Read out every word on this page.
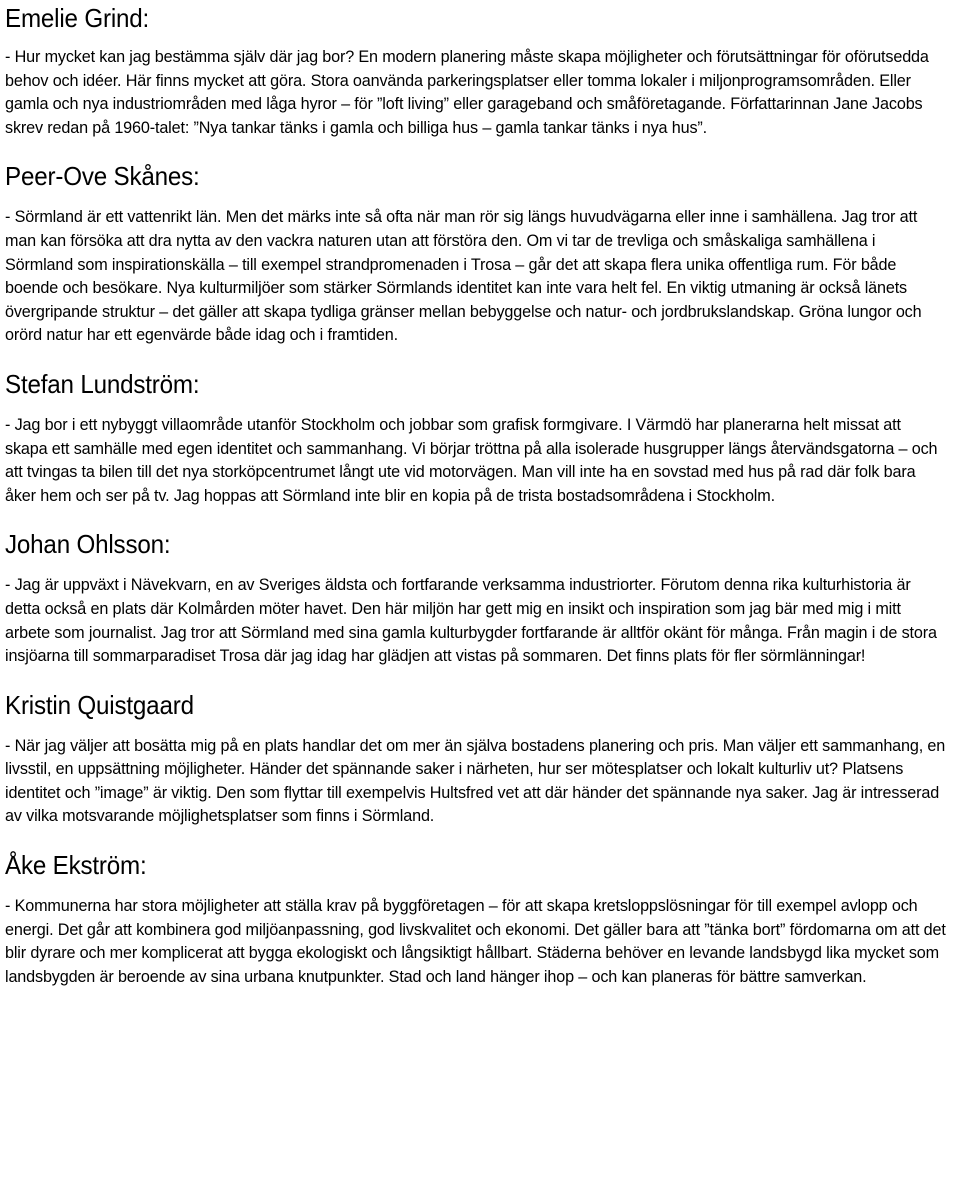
Emelie Grind:

- Hur mycket kan jag bestämma själv där jag bor? En modern planering måste skapa möjligheter och förutsättningar för oförutsedda behov och idéer. Här finns mycket att göra. Stora oanvända parkeringsplatser eller tomma lokaler i miljonprogramsområden. Eller gamla och nya industriområden med låga hyror – för ”loft living” eller garageband och småföretagande. Författarinnan Jane Jacobs skrev redan på 1960-talet: ”Nya tankar tänks i gamla och billiga hus – gamla tankar tänks i nya hus”.

Peer-Ove Skånes:

- Sörmland är ett vattenrikt län. Men det märks inte så ofta när man rör sig längs huvudvägarna eller inne i samhällena. Jag tror att man kan försöka att dra nytta av den vackra naturen utan att förstöra den. Om vi tar de trevliga och småskaliga samhällena i Sörmland som inspirationskälla – till exempel strandpromenaden i Trosa – går det att skapa flera unika offentliga rum. För både boende och besökare. Nya kulturmiljöer som stärker Sörmlands identitet kan inte vara helt fel. En viktig utmaning är också länets övergripande struktur – det gäller att skapa tydliga gränser mellan bebyggelse och natur- och jordbrukslandskap. Gröna lungor och orörd natur har ett egenvärde både idag och i framtiden.

Stefan Lundström:

- Jag bor i ett nybyggt villaområde utanför Stockholm och jobbar som grafisk formgivare. I Värmdö har planerarna helt missat att skapa ett samhälle med egen identitet och sammanhang. Vi börjar tröttna på alla isolerade husgrupper längs återvändsgatorna – och att tvingas ta bilen till det nya storköpcentrumet långt ute vid motorvägen. Man vill inte ha en sovstad med hus på rad där folk bara åker hem och ser på tv. Jag hoppas att Sörmland inte blir en kopia på de trista bostadsområdena i Stockholm.

Johan Ohlsson:

- Jag är uppväxt i Nävekvarn, en av Sveriges äldsta och fortfarande verksamma industriorter. Förutom denna rika kulturhistoria är detta också en plats där Kolmården möter havet. Den här miljön har gett mig en insikt och inspiration som jag bär med mig i mitt arbete som journalist. Jag tror att Sörmland med sina gamla kulturbygder fortfarande är alltför okänt för många. Från magin i de stora insjöarna till sommarparadiset Trosa där jag idag har glädjen att vistas på sommaren. Det finns plats för fler sörmlänningar!

Kristin Quistgaard

- När jag väljer att bosätta mig på en plats handlar det om mer än själva bostadens planering och pris. Man väljer ett sammanhang, en livsstil, en uppsättning möjligheter. Händer det spännande saker i närheten, hur ser mötesplatser och lokalt kulturliv ut? Platsens identitet och ”image” är viktig. Den som flyttar till exempelvis Hultsfred vet att där händer det spännande nya saker. Jag är intresserad av vilka motsvarande möjlighetsplatser som finns i Sörmland.

Åke Ekström:

- Kommunerna har stora möjligheter att ställa krav på byggföretagen – för att skapa kretsloppslösningar för till exempel avlopp och energi. Det går att kombinera god miljöanpassning, god livskvalitet och ekonomi. Det gäller bara att ”tänka bort” fördomarna om att det blir dyrare och mer komplicerat att bygga ekologiskt och långsiktigt hållbart. Städerna behöver en levande landsbygd lika mycket som landsbygden är beroende av sina urbana knutpunkter. Stad och land hänger ihop – och kan planeras för bättre samverkan.
